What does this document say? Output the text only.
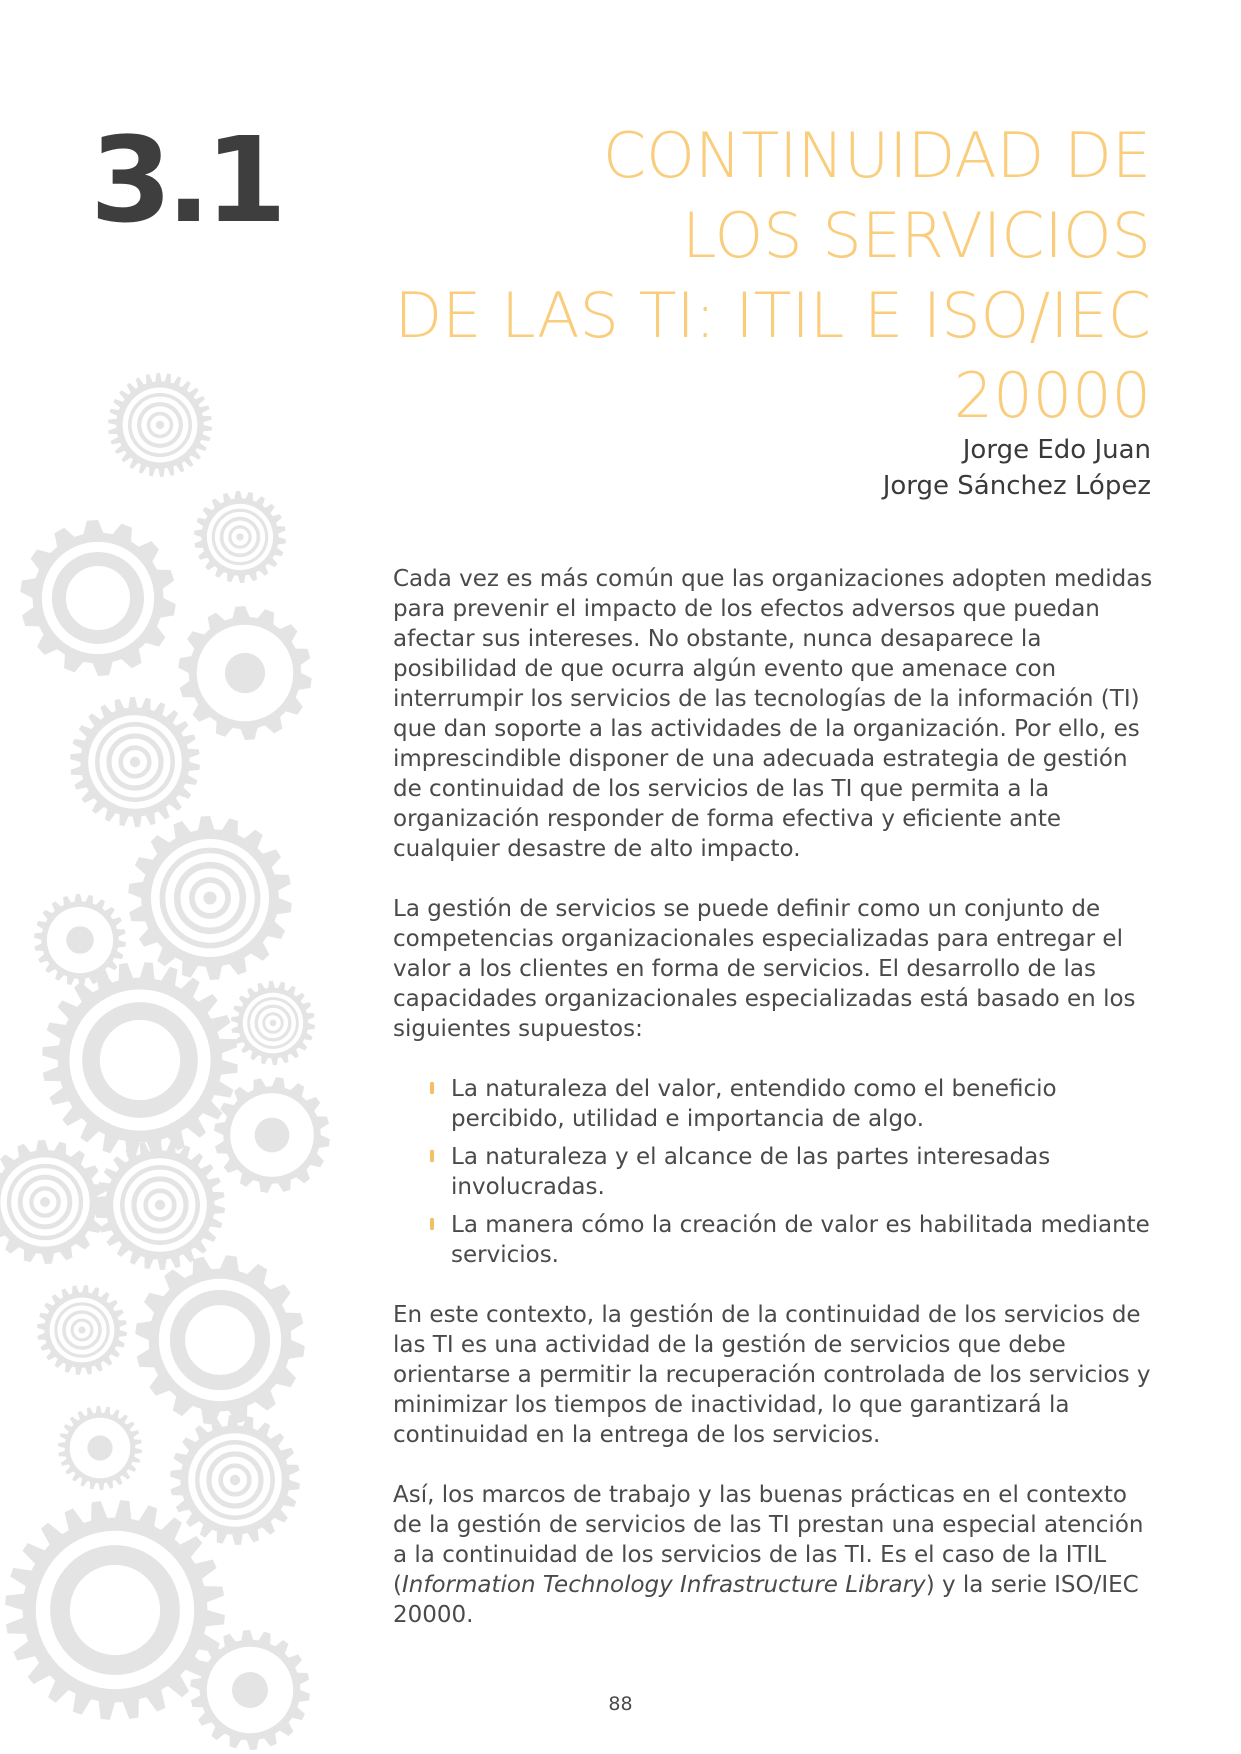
3.1	CONTINUIDAD DE
LOS SERVICIOS
DE LAS TI: ITIL E ISO/IEC
20000
Jorge Edo Juan
Jorge Sánchez López

Cada vez es más común que las organizaciones adopten medidas para prevenir el impacto de los efectos adversos que puedan afectar sus intereses. No obstante, nunca desaparece la posibilidad de que ocurra algún evento que amenace con interrumpir los servicios de las tecnologías de la información (TI) que dan soporte a las actividades de la organización. Por ello, es imprescindible disponer de una adecuada estrategia de gestión de continuidad de los servicios de las TI que permita a la organización responder de forma efectiva y eficiente ante cualquier desastre de alto impacto.

La gestión de servicios se puede definir como un conjunto de competencias organizacionales especializadas para entregar el valor a los clientes en forma de servicios. El desarrollo de las capacidades organizacionales especializadas está basado en los siguientes supuestos:

La naturaleza del valor, entendido como el beneficio percibido, utilidad e importancia de algo.
La naturaleza y el alcance de las partes interesadas involucradas.
La manera cómo la creación de valor es habilitada mediante servicios.

En este contexto, la gestión de la continuidad de los servicios de las TI es una actividad de la gestión de servicios que debe orientarse a permitir la recuperación controlada de los servicios y minimizar los tiempos de inactividad, lo que garantizará la continuidad en la entrega de los servicios.

Así, los marcos de trabajo y las buenas prácticas en el contexto de la gestión de servicios de las TI prestan una especial atención a la continuidad de los servicios de las TI. Es el caso de la ITIL (Information Technology Infrastructure Library) y la serie ISO/IEC 20000.

88
